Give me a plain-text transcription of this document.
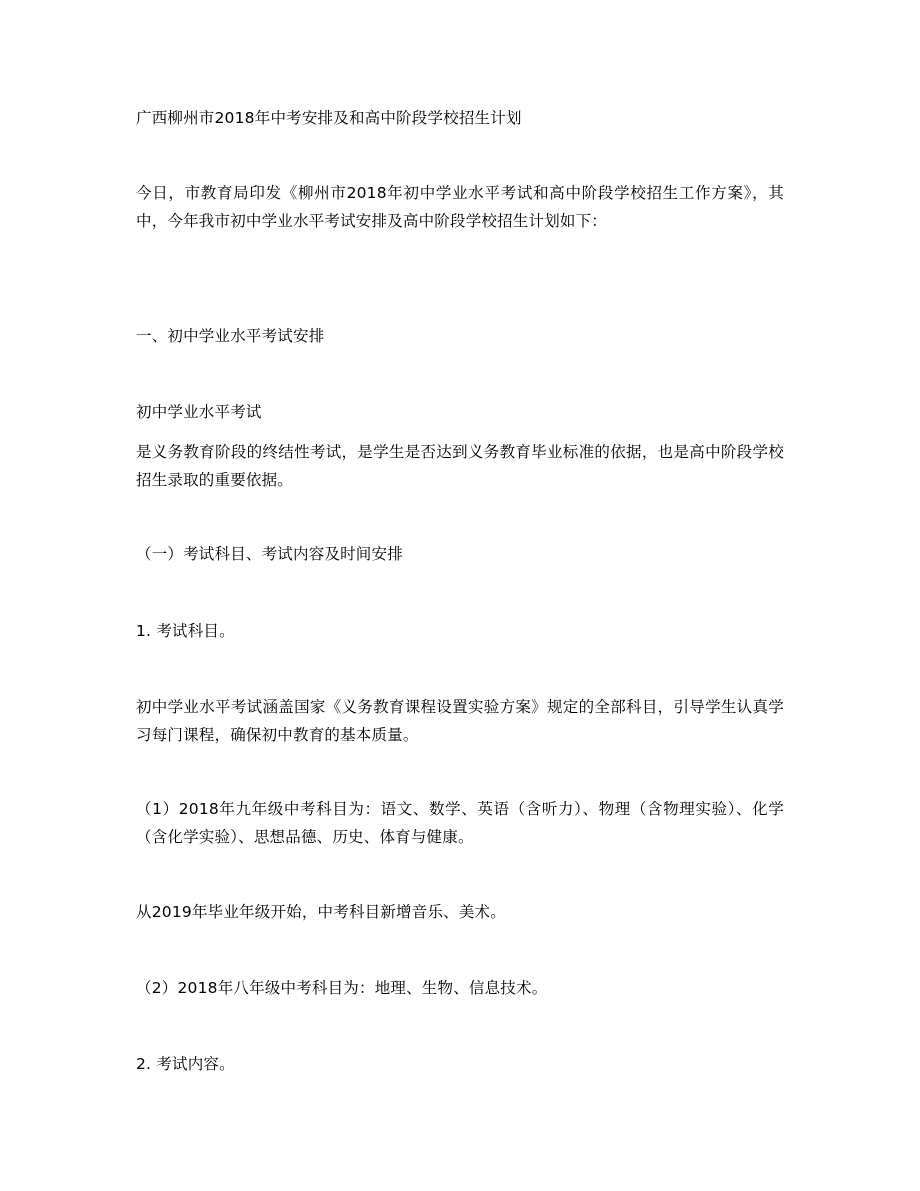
广西柳州市2018年中考安排及和高中阶段学校招生计划

今日，市教育局印发《柳州市2018年初中学业水平考试和高中阶段学校招生工作方案》，其中，今年我市初中学业水平考试安排及高中阶段学校招生计划如下：

一、初中学业水平考试安排

初中学业水平考试

是义务教育阶段的终结性考试，是学生是否达到义务教育毕业标准的依据，也是高中阶段学校招生录取的重要依据。

（一）考试科目、考试内容及时间安排

1. 考试科目。

初中学业水平考试涵盖国家《义务教育课程设置实验方案》规定的全部科目，引导学生认真学习每门课程，确保初中教育的基本质量。

（1）2018年九年级中考科目为：语文、数学、英语（含听力）、物理（含物理实验）、化学（含化学实验）、思想品德、历史、体育与健康。

从2019年毕业年级开始，中考科目新增音乐、美术。

（2）2018年八年级中考科目为：地理、生物、信息技术。

2. 考试内容。
